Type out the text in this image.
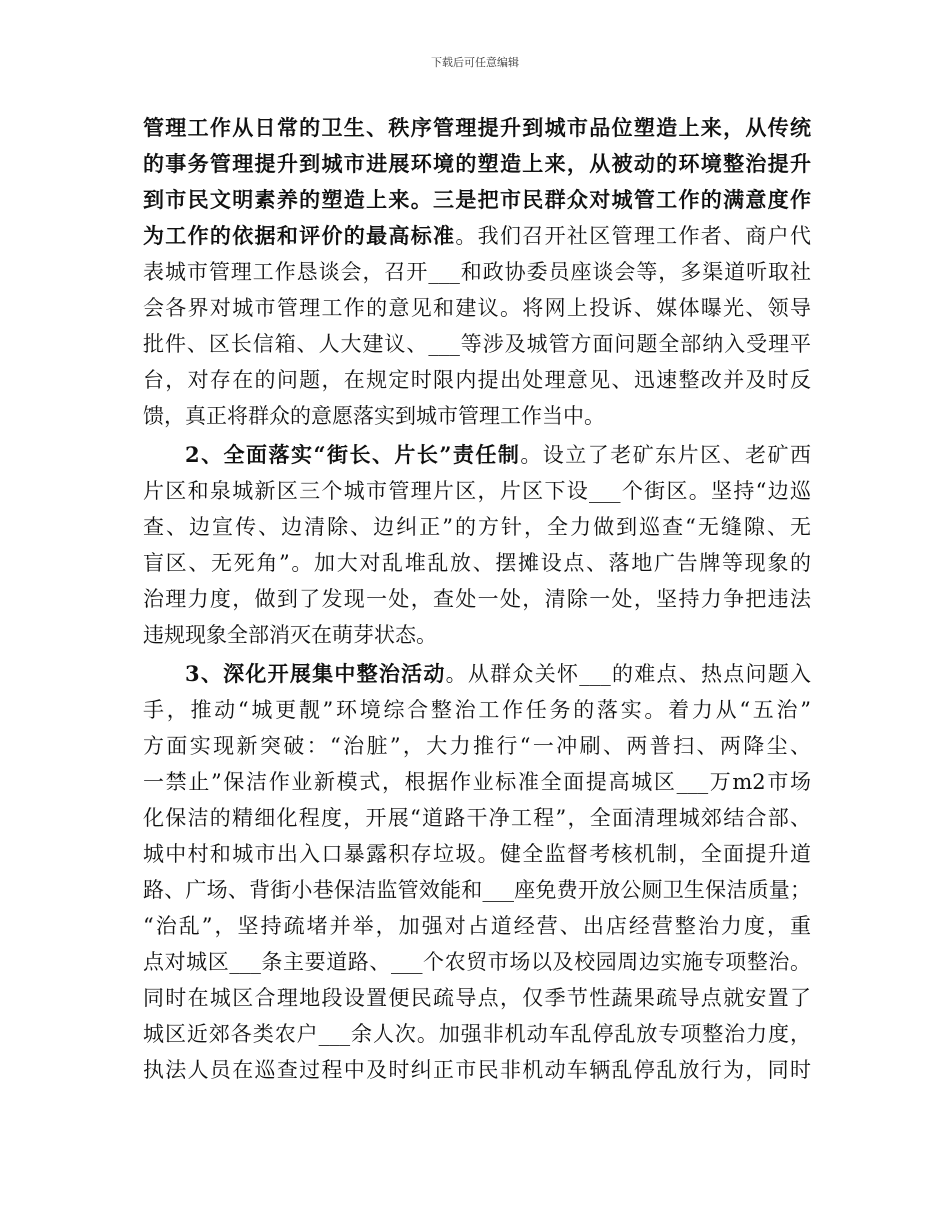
下载后可任意编辑
管理工作从日常的卫生、秩序管理提升到城市品位塑造上来，从传统
的事务管理提升到城市进展环境的塑造上来，从被动的环境整治提升
到市民文明素养的塑造上来。三是把市民群众对城管工作的满意度作
为工作的依据和评价的最高标准。我们召开社区管理工作者、商户代
表城市管理工作恳谈会，召开___和政协委员座谈会等，多渠道听取社
会各界对城市管理工作的意见和建议。将网上投诉、媒体曝光、领导
批件、区长信箱、人大建议、___等涉及城管方面问题全部纳入受理平
台，对存在的问题，在规定时限内提出处理意见、迅速整改并及时反
馈，真正将群众的意愿落实到城市管理工作当中。
2、全面落实“街长、片长”责任制。设立了老矿东片区、老矿西
片区和泉城新区三个城市管理片区，片区下设___个街区。坚持“边巡
查、边宣传、边清除、边纠正”的方针，全力做到巡查“无缝隙、无
盲区、无死角”。加大对乱堆乱放、摆摊设点、落地广告牌等现象的
治理力度，做到了发现一处，查处一处，清除一处，坚持力争把违法
违规现象全部消灭在萌芽状态。
3、深化开展集中整治活动。从群众关怀___的难点、热点问题入
手，推动“城更靓”环境综合整治工作任务的落实。着力从“五治”
方面实现新突破：“治脏”，大力推行“一冲刷、两普扫、两降尘、
一禁止”保洁作业新模式，根据作业标准全面提高城区___万m2市场
化保洁的精细化程度，开展“道路干净工程”，全面清理城郊结合部、
城中村和城市出入口暴露积存垃圾。健全监督考核机制，全面提升道
路、广场、背街小巷保洁监管效能和___座免费开放公厕卫生保洁质量；
“治乱”，坚持疏堵并举，加强对占道经营、出店经营整治力度，重
点对城区___条主要道路、___个农贸市场以及校园周边实施专项整治。
同时在城区合理地段设置便民疏导点，仅季节性蔬果疏导点就安置了
城区近郊各类农户___余人次。加强非机动车乱停乱放专项整治力度，
执法人员在巡查过程中及时纠正市民非机动车辆乱停乱放行为，同时
